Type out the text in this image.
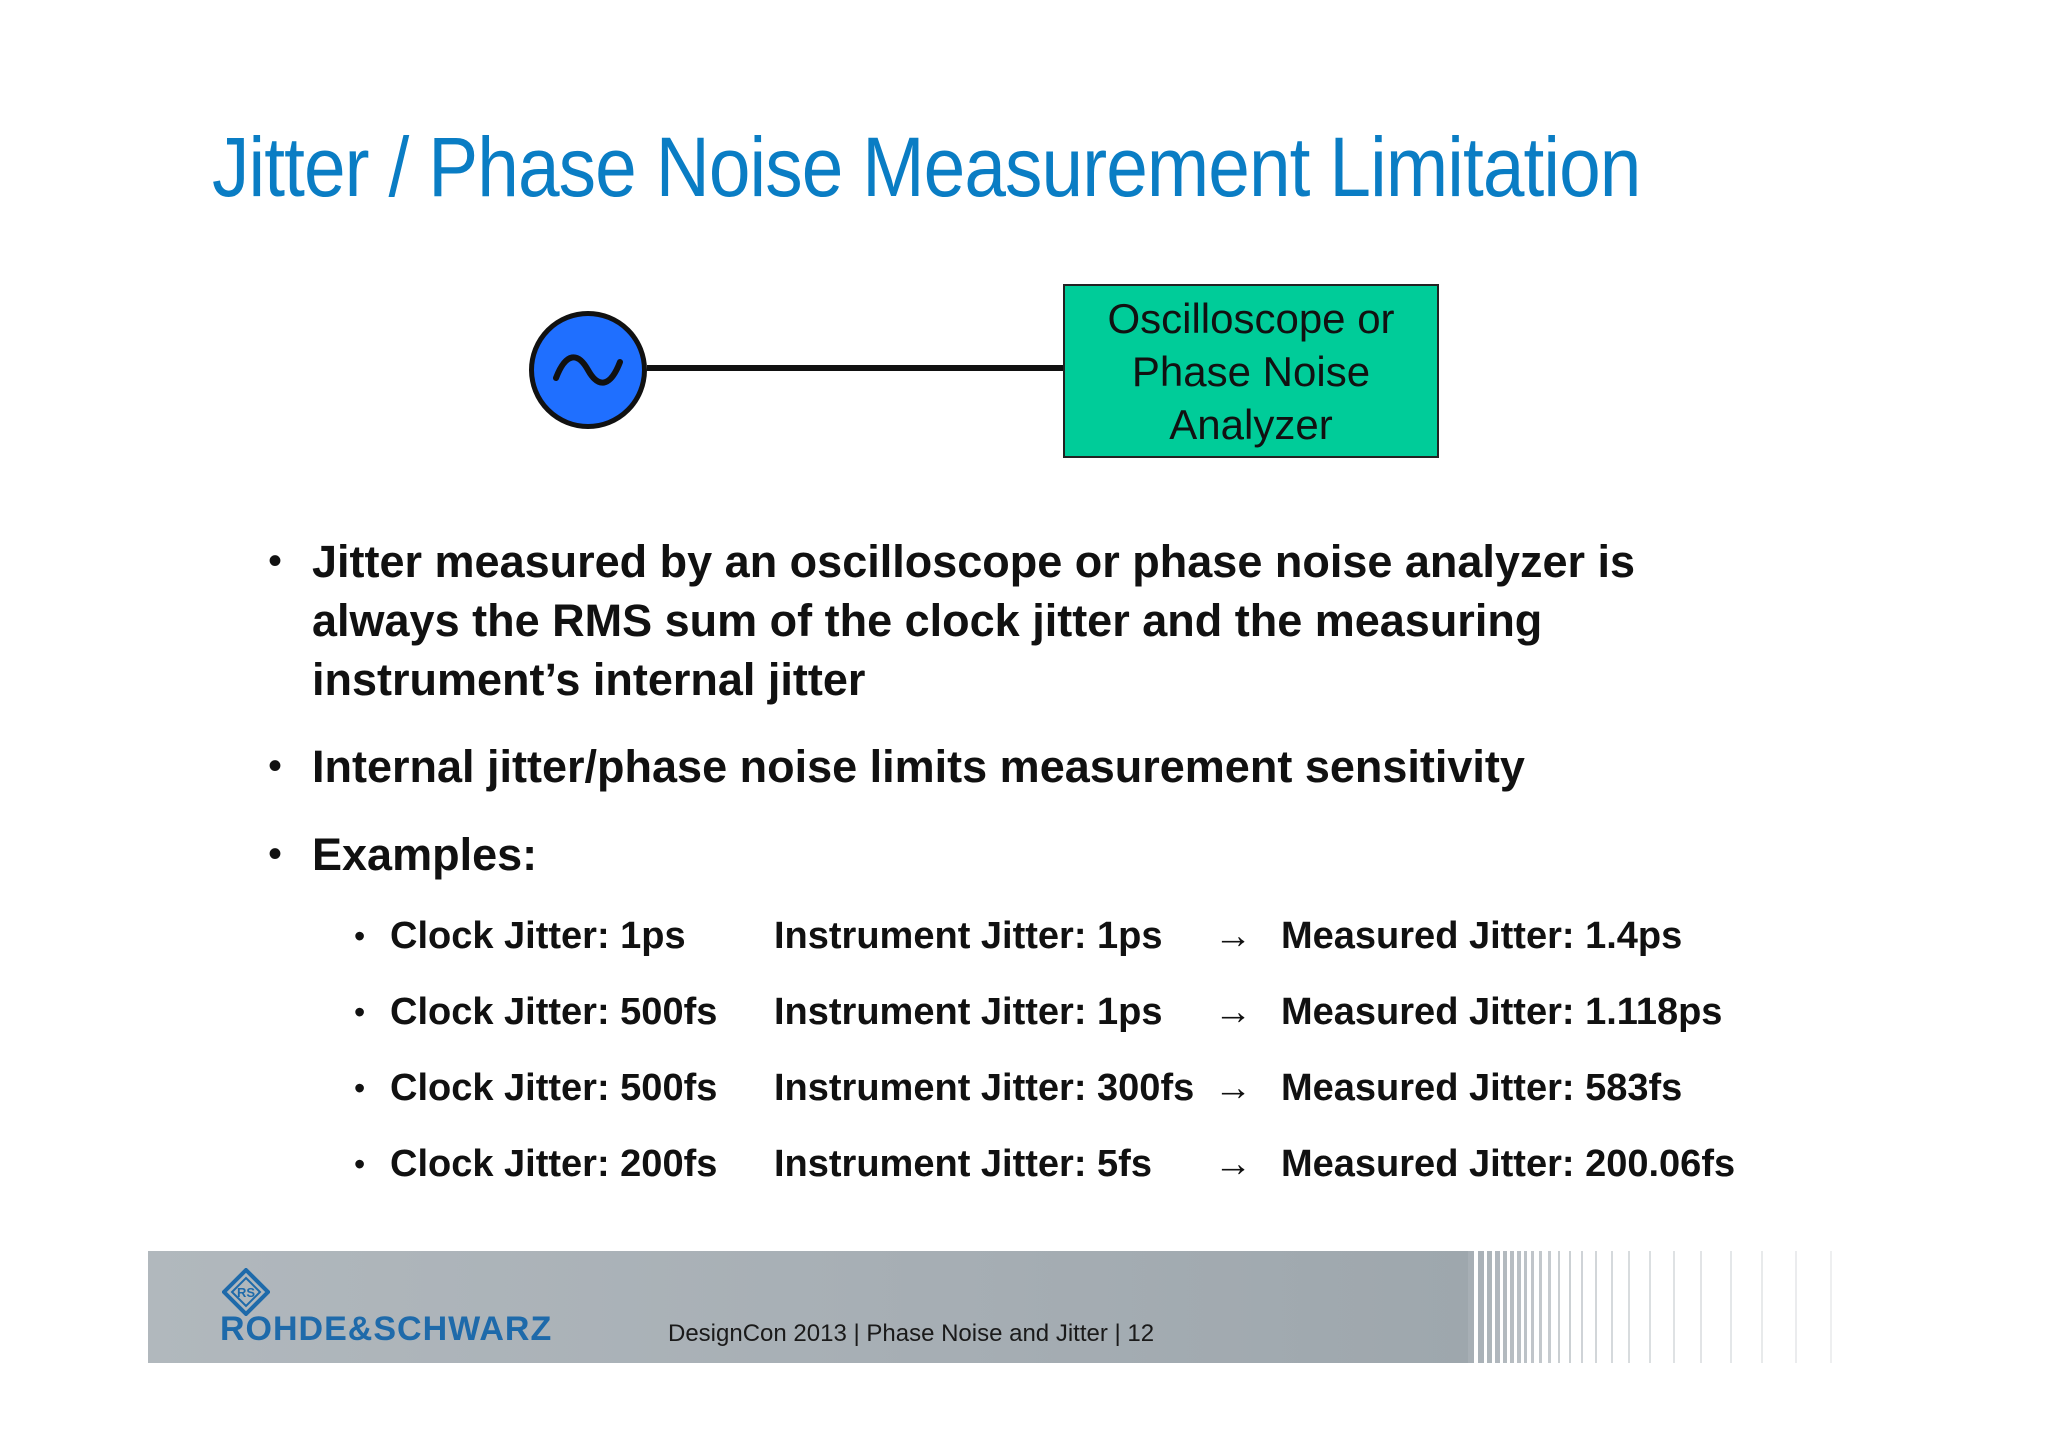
Jitter / Phase Noise Measurement Limitation
Oscilloscope or
Phase Noise
Analyzer
• Jitter measured by an oscilloscope or phase noise analyzer is always the RMS sum of the clock jitter and the measuring instrument’s internal jitter
• Internal jitter/phase noise limits measurement sensitivity
• Examples:
• Clock Jitter: 1ps Instrument Jitter: 1ps → Measured Jitter: 1.4ps
• Clock Jitter: 500fs Instrument Jitter: 1ps → Measured Jitter: 1.118ps
• Clock Jitter: 500fs Instrument Jitter: 300fs → Measured Jitter: 583fs
• Clock Jitter: 200fs Instrument Jitter: 5fs → Measured Jitter: 200.06fs
RS
ROHDE&SCHWARZ	DesignCon 2013 | Phase Noise and Jitter | 12
